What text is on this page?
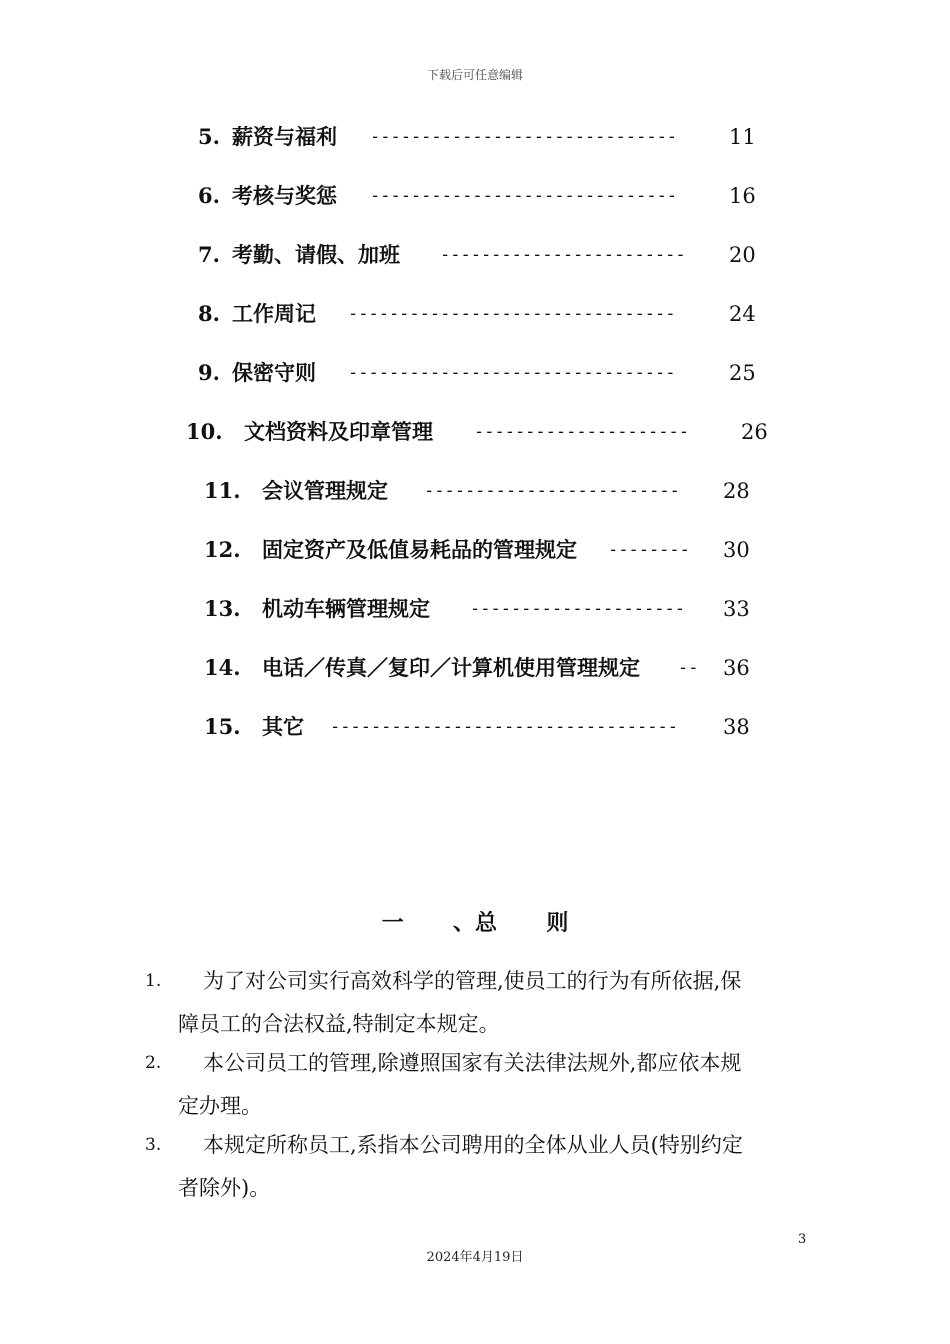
下载后可任意编辑
5. 薪资与福利 ------------------------------ 11
6. 考核与奖惩 ------------------------------ 16
7. 考勤、请假、加班 ------------------------ 20
8. 工作周记 --------------------------------	24
9. 保密守则 --------------------------------	25
10. 文档资料及印章管理 --------------------- 26
11. 会议管理规定 ------------------------- 28
12. 固定资产及低值易耗品的管理规定 -------- 30
13. 机动车辆管理规定 --------------------- 33
14. 电话／传真／复印／计算机使用管理规定 -- 36
15. 其它 ---------------------------------- 38
一 、总 则
1.	为了对公司实行高效科学的管理,使员工的行为有所依据,保
障员工的合法权益,特制定本规定。
2.	本公司员工的管理,除遵照国家有关法律法规外,都应依本规
定办理。
3.	本规定所称员工,系指本公司聘用的全体从业人员(特别约定
者除外)。
3
2024年4月19日
